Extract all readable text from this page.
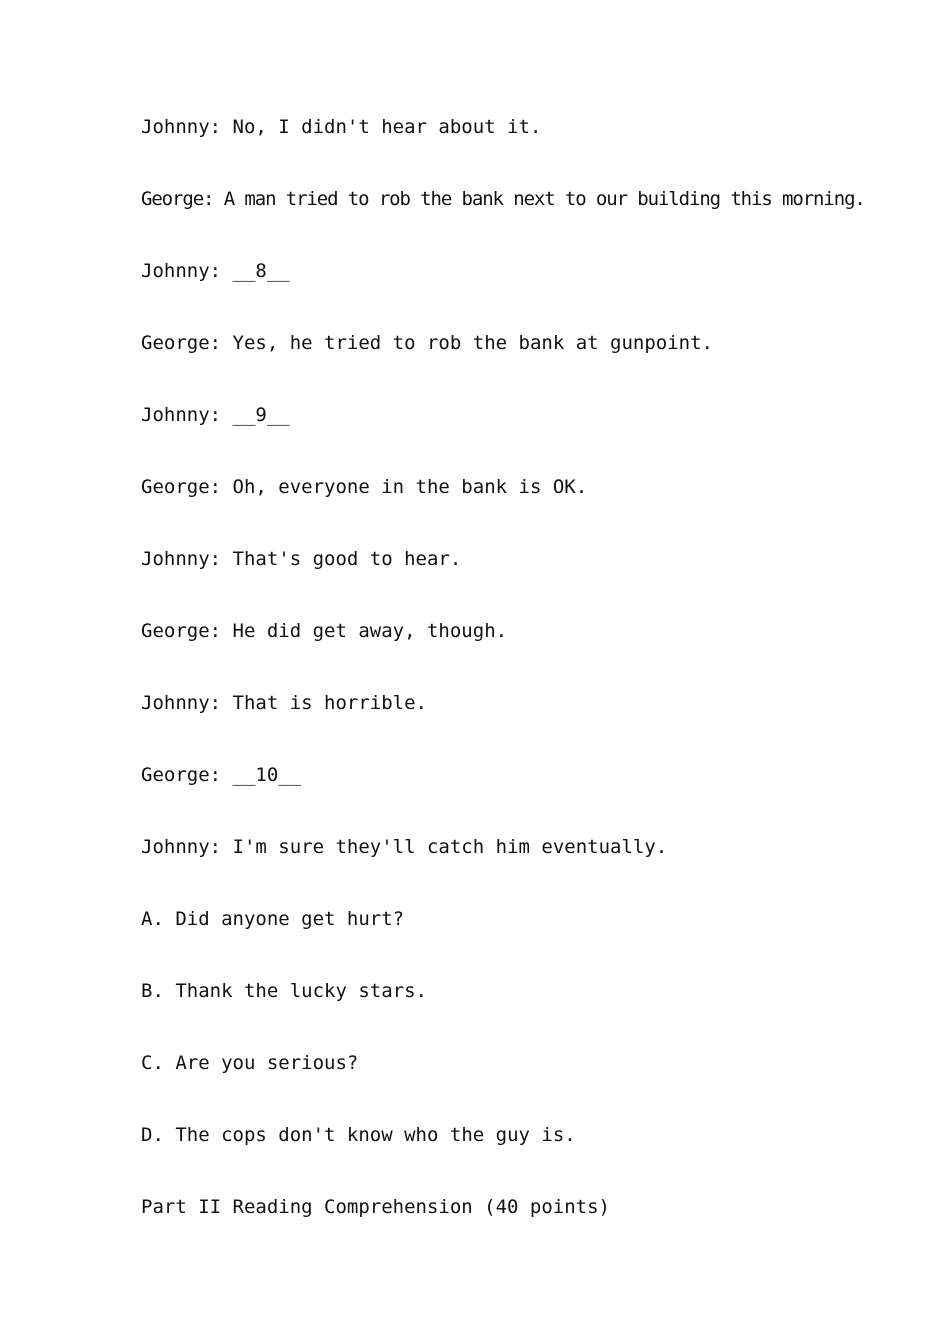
Johnny: No, I didn't hear about it.

George: A man tried to rob the bank next to our building this morning.

Johnny: __8__

George: Yes, he tried to rob the bank at gunpoint.

Johnny: __9__

George: Oh, everyone in the bank is OK.

Johnny: That's good to hear.

George: He did get away, though.

Johnny: That is horrible.

George: __10__

Johnny: I'm sure they'll catch him eventually.

A. Did anyone get hurt?

B. Thank the lucky stars.

C. Are you serious?

D. The cops don't know who the guy is.

Part II Reading Comprehension (40 points)
